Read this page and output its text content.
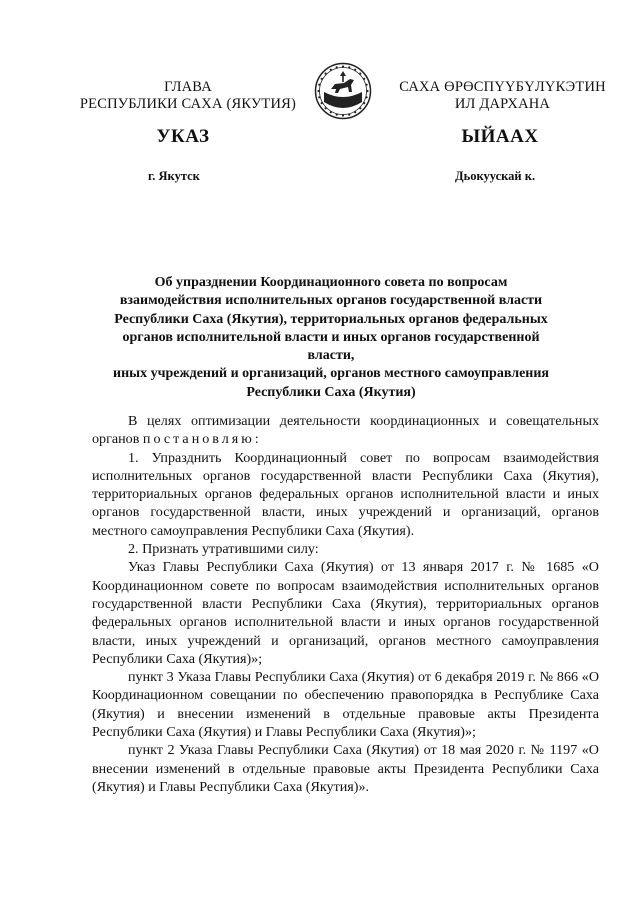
ГЛАВА
РЕСПУБЛИКИ САХА (ЯКУТИЯ)
САХА ӨРӨСПҮҮБҮЛҮКЭТИН
ИЛ ДАРХАНА
УКАЗ	ЫЙААХ
г. Якутск	Дьокуускай к.
Об упразднении Координационного совета по вопросам
взаимодействия исполнительных органов государственной власти
Республики Саха (Якутия), территориальных органов федеральных
органов исполнительной власти и иных органов государственной власти,
иных учреждений и организаций, органов местного самоуправления
Республики Саха (Якутия)

В целях оптимизации деятельности координационных и совещательных органов постановляю:

1. Упразднить Координационный совет по вопросам взаимодействия исполнительных органов государственной власти Республики Саха (Якутия), территориальных органов федеральных органов исполнительной власти и иных органов государственной власти, иных учреждений и организаций, органов местного самоуправления Республики Саха (Якутия).

2. Признать утратившими силу:

Указ Главы Республики Саха (Якутия) от 13 января 2017 г. № 1685 «О Координационном совете по вопросам взаимодействия исполнительных органов государственной власти Республики Саха (Якутия), территориальных органов федеральных органов исполнительной власти и иных органов государственной власти, иных учреждений и организаций, органов местного самоуправления Республики Саха (Якутия)»;

пункт 3 Указа Главы Республики Саха (Якутия) от 6 декабря 2019 г. № 866 «О Координационном совещании по обеспечению правопорядка в Республике Саха (Якутия) и внесении изменений в отдельные правовые акты Президента Республики Саха (Якутия) и Главы Республики Саха (Якутия)»;

пункт 2 Указа Главы Республики Саха (Якутия) от 18 мая 2020 г. № 1197 «О внесении изменений в отдельные правовые акты Президента Республики Саха (Якутия) и Главы Республики Саха (Якутия)».
